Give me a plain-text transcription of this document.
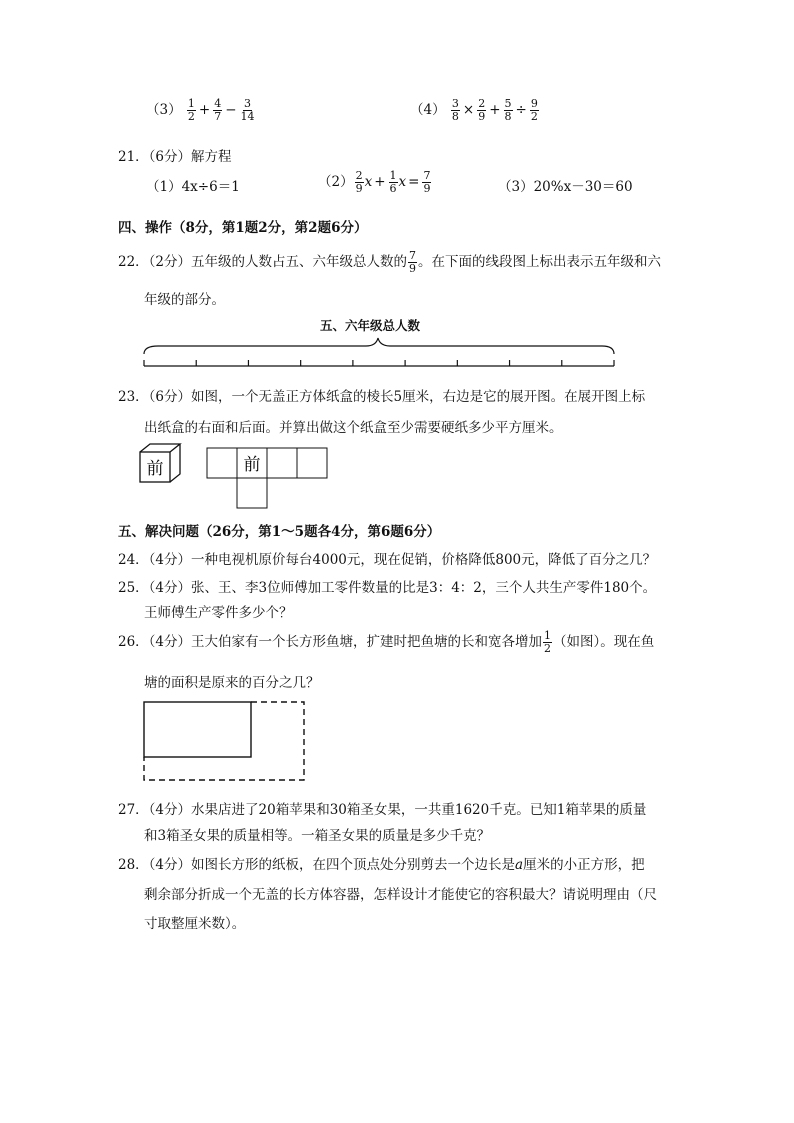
$(3) \frac{1}{2} + \frac{4}{7} - \frac{3}{14}$	$(4) \frac{3}{8} \times \frac{2}{9} + \frac{5}{8} \div \frac{9}{2}$
21．（6分）解方程
（1）4x÷6＝1	$(2) \frac{2}{9}$ $x + \frac{1}{6}$ $x = \frac{7}{9}$	（3）20%x－30＝60
四、操作（8分，第1题2分，第2题6分）
22．（2分）五年级的人数占五、六年级总人数的 $\frac{7}{9}$ 。在下面的线段图上标出表示五年级和六
年级的部分。
五、六年级总人数
23．（6分）如图，一个无盖正方体纸盒的棱长5厘米，右边是它的展开图。在展开图上标
出纸盒的右面和后面。并算出做这个纸盒至少需要硬纸多少平方厘米。
前	前
五、解决问题（26分，第1～5题各4分，第6题6分）
24．（4分）一种电视机原价每台4000元，现在促销，价格降低800元，降低了百分之几？
25．（4分）张、王、李3位师傅加工零件数量的比是3：4：2，三个人共生产零件180个。
王师傅生产零件多少个？
26．（4分）王大伯家有一个长方形鱼塘，扩建时把鱼塘的长和宽各增加 $\frac{1}{2}$ （如图）。现在鱼
塘的面积是原来的百分之几？
27．（4分）水果店进了20箱苹果和30箱圣女果，一共重1620千克。已知1箱苹果的质量
和3箱圣女果的质量相等。一箱圣女果的质量是多少千克？
28．（4分）如图长方形的纸板，在四个顶点处分别剪去一个边长是a厘米的小正方形，把
剩余部分折成一个无盖的长方体容器，怎样设计才能使它的容积最大？请说明理由（尺
寸取整厘米数）。
